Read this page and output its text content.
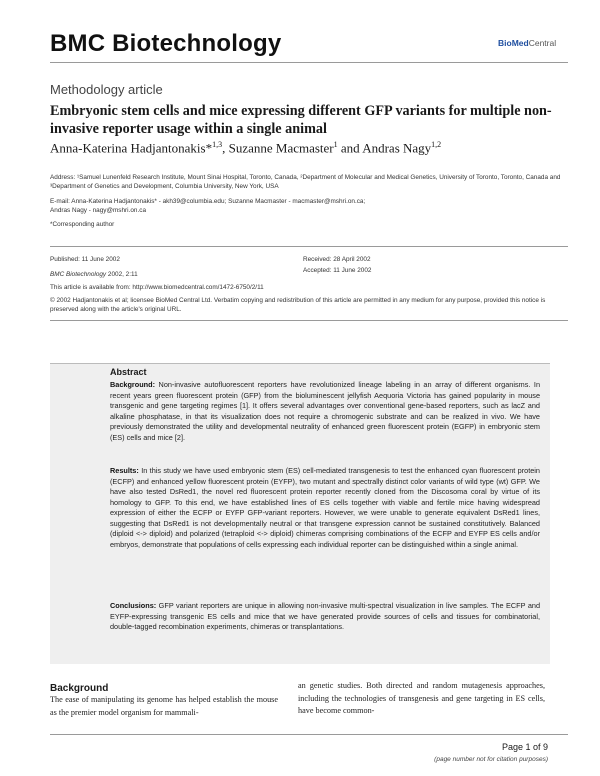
BMC Biotechnology	BioMedCentral
Methodology article
Embryonic stem cells and mice expressing different GFP variants for multiple non-invasive reporter usage within a single animal
Anna-Katerina Hadjantonakis*$^{1,3}$, Suzanne Macmaster$^1$ and Andras Nagy$^{1,2}$
Address: ¹Samuel Lunenfeld Research Institute, Mount Sinai Hospital, Toronto, Canada, ²Department of Molecular and Medical Genetics, University of Toronto, Toronto, Canada and ³Department of Genetics and Development, Columbia University, New York, USA
E-mail: Anna-Katerina Hadjantonakis* - akh39@columbia.edu; Suzanne Macmaster - macmaster@mshri.on.ca;
Andras Nagy - nagy@mshri.on.ca
*Corresponding author
Published: 11 June 2002
BMC Biotechnology 2002, 2:11
This article is available from: http://www.biomedcentral.com/1472-6750/2/11
Received: 28 April 2002
Accepted: 11 June 2002
© 2002 Hadjantonakis et al; licensee BioMed Central Ltd. Verbatim copying and redistribution of this article are permitted in any medium for any purpose, provided this notice is preserved along with the article's original URL.
Abstract
Background: Non-invasive autofluorescent reporters have revolutionized lineage labeling in an array of different organisms. In recent years green fluorescent protein (GFP) from the bioluminescent jellyfish Aequoria Victoria has gained popularity in mouse transgenic and gene targeting regimes [1]. It offers several advantages over conventional gene-based reporters, such as lacZ and alkaline phosphatase, in that its visualization does not require a chromogenic substrate and can be realized in vivo. We have previously demonstrated the utility and developmental neutrality of enhanced green fluorescent protein (EGFP) in embryonic stem (ES) cells and mice [2].
Results: In this study we have used embryonic stem (ES) cell-mediated transgenesis to test the enhanced cyan fluorescent protein (ECFP) and enhanced yellow fluorescent protein (EYFP), two mutant and spectrally distinct color variants of wild type (wt) GFP. We have also tested DsRed1, the novel red fluorescent protein reporter recently cloned from the Discosoma coral by virtue of its homology to GFP. To this end, we have established lines of ES cells together with viable and fertile mice having widespread expression of either the ECFP or EYFP GFP-variant reporters. However, we were unable to generate equivalent DsRed1 lines, suggesting that DsRed1 is not developmentally neutral or that transgene expression cannot be sustained constitutively. Balanced (diploid <-> diploid) and polarized (tetraploid <-> diploid) chimeras comprising combinations of the ECFP and EYFP ES cells and/or embryos, demonstrate that populations of cells expressing each individual reporter can be distinguished within a single animal.
Conclusions: GFP variant reporters are unique in allowing non-invasive multi-spectral visualization in live samples. The ECFP and EYFP-expressing transgenic ES cells and mice that we have generated provide sources of cells and tissues for combinatorial, double-tagged recombination experiments, chimeras or transplantations.
Background
The ease of manipulating its genome has helped establish the mouse as the premier model organism for mammali-
an genetic studies. Both directed and random mutagenesis approaches, including the technologies of transgenesis and gene targeting in ES cells, have become common-
Page 1 of 9
(page number not for citation purposes)
